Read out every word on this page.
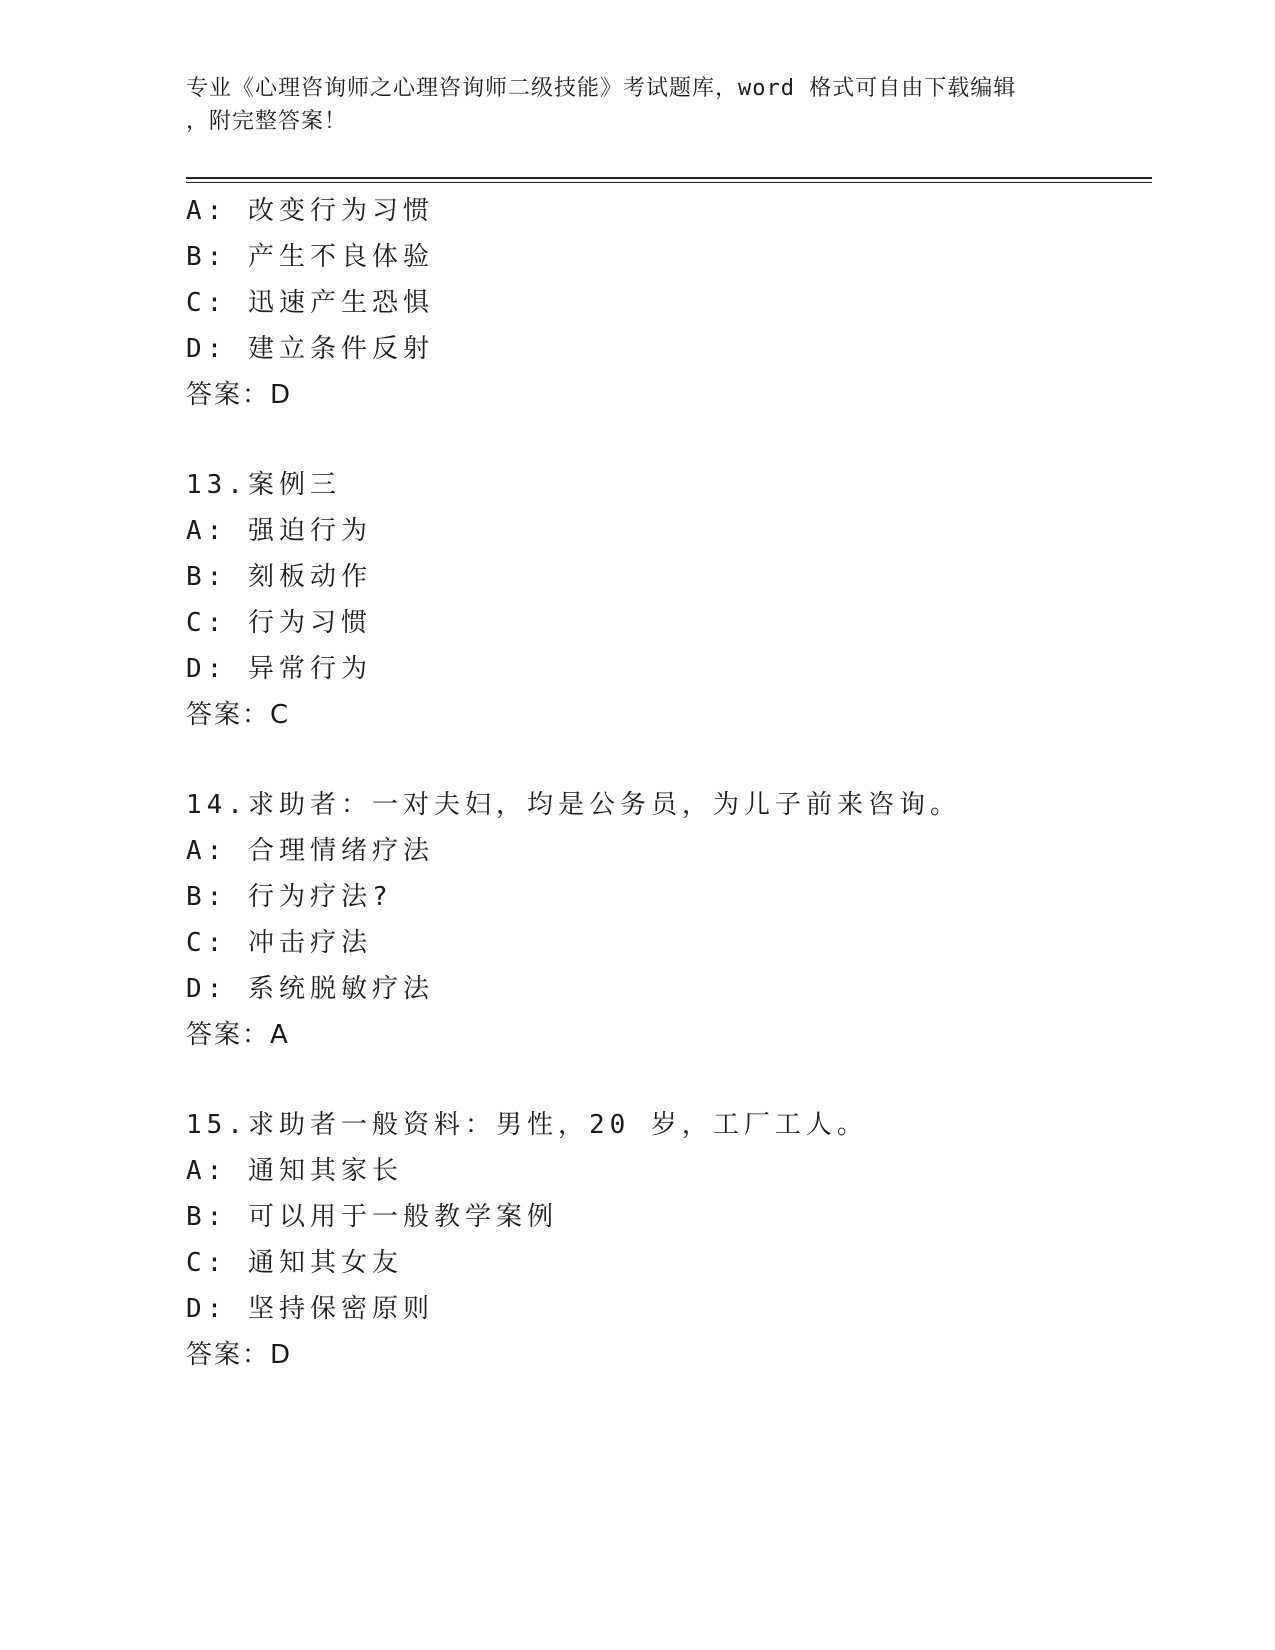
专业《心理咨询师之心理咨询师二级技能》考试题库，word 格式可自由下载编辑
，附完整答案！
A: 改变行为习惯
B: 产生不良体验
C: 迅速产生恐惧
D: 建立条件反射
答案：D
13.案例三
A: 强迫行为
B: 刻板动作
C: 行为习惯
D: 异常行为
答案：C
14.求助者：一对夫妇，均是公务员，为儿子前来咨询。
A: 合理情绪疗法
B: 行为疗法?
C: 冲击疗法
D: 系统脱敏疗法
答案：A
15.求助者一般资料：男性，20 岁，工厂工人。
A: 通知其家长
B: 可以用于一般教学案例
C: 通知其女友
D: 坚持保密原则
答案：D
